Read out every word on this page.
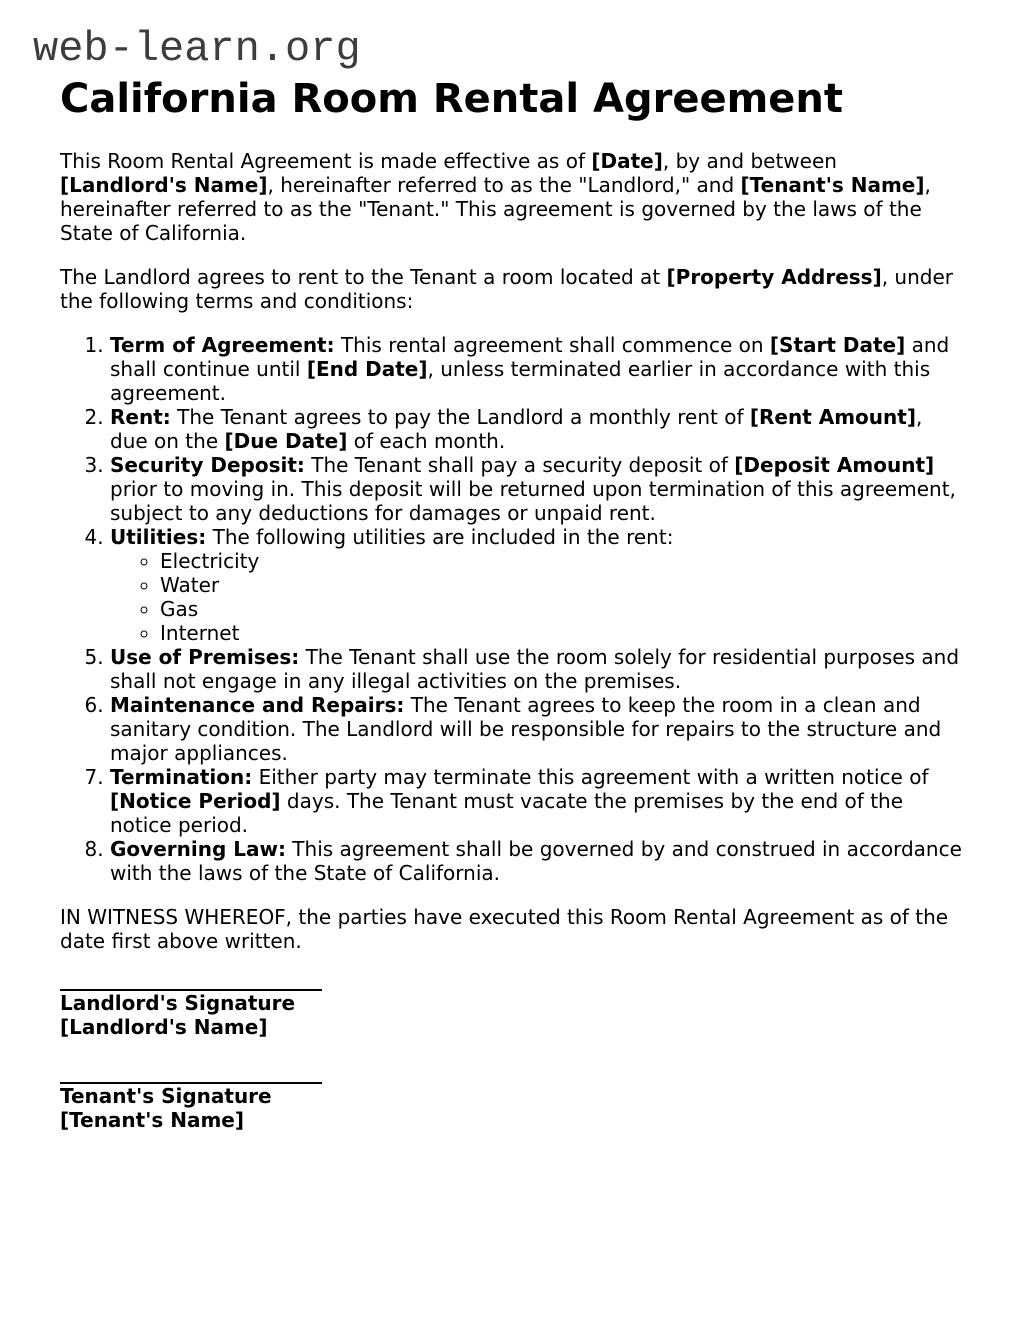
web-learn.org
California Room Rental Agreement

This Room Rental Agreement is made effective as of [Date], by and between [Landlord's Name], hereinafter referred to as the "Landlord," and [Tenant's Name], hereinafter referred to as the "Tenant." This agreement is governed by the laws of the State of California.

The Landlord agrees to rent to the Tenant a room located at [Property Address], under the following terms and conditions:

1. Term of Agreement: This rental agreement shall commence on [Start Date] and shall continue until [End Date], unless terminated earlier in accordance with this agreement.
2. Rent: The Tenant agrees to pay the Landlord a monthly rent of [Rent Amount], due on the [Due Date] of each month.
3. Security Deposit: The Tenant shall pay a security deposit of [Deposit Amount] prior to moving in. This deposit will be returned upon termination of this agreement, subject to any deductions for damages or unpaid rent.
4. Utilities: The following utilities are included in the rent:
◦ Electricity
◦ Water
◦ Gas
◦ Internet
5. Use of Premises: The Tenant shall use the room solely for residential purposes and shall not engage in any illegal activities on the premises.
6. Maintenance and Repairs: The Tenant agrees to keep the room in a clean and sanitary condition. The Landlord will be responsible for repairs to the structure and major appliances.
7. Termination: Either party may terminate this agreement with a written notice of [Notice Period] days. The Tenant must vacate the premises by the end of the notice period.
8. Governing Law: This agreement shall be governed by and construed in accordance with the laws of the State of California.

IN WITNESS WHEREOF, the parties have executed this Room Rental Agreement as of the date first above written.

Landlord's Signature
[Landlord's Name]
Tenant's Signature
[Tenant's Name]
